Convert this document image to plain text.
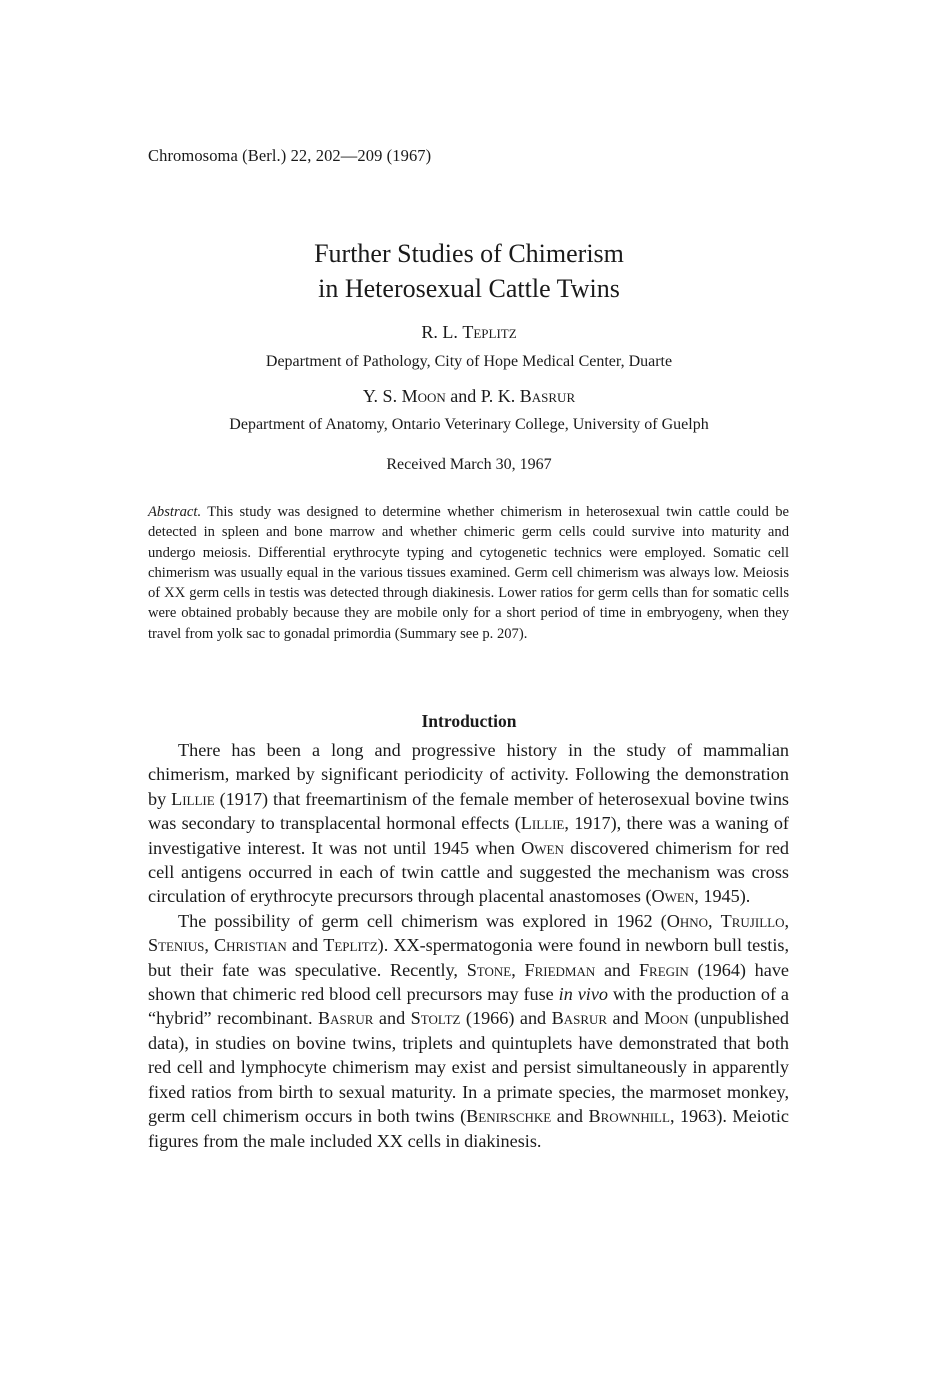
Chromosoma (Berl.) 22, 202—209 (1967)
Further Studies of Chimerism
in Heterosexual Cattle Twins
R. L. Teplitz
Department of Pathology, City of Hope Medical Center, Duarte
Y. S. Moon and P. K. Basrur
Department of Anatomy, Ontario Veterinary College, University of Guelph
Received March 30, 1967

Abstract. This study was designed to determine whether chimerism in heterosexual twin cattle could be detected in spleen and bone marrow and whether chimeric germ cells could survive into maturity and undergo meiosis. Differential erythrocyte typing and cytogenetic technics were employed. Somatic cell chimerism was usually equal in the various tissues examined. Germ cell chimerism was always low. Meiosis of XX germ cells in testis was detected through diakinesis. Lower ratios for germ cells than for somatic cells were obtained probably because they are mobile only for a short period of time in embryogeny, when they travel from yolk sac to gonadal primordia (Summary see p. 207).

Introduction

There has been a long and progressive history in the study of mammalian chimerism, marked by significant periodicity of activity. Following the demonstration by Lillie (1917) that freemartinism of the female member of heterosexual bovine twins was secondary to transplacental hormonal effects (Lillie, 1917), there was a waning of investigative interest. It was not until 1945 when Owen discovered chimerism for red cell antigens occurred in each of twin cattle and suggested the mechanism was cross circulation of erythrocyte precursors through placental anastomoses (Owen, 1945).

The possibility of germ cell chimerism was explored in 1962 (Ohno, Trujillo, Stenius, Christian and Teplitz). XX-spermatogonia were found in newborn bull testis, but their fate was speculative. Recently, Stone, Friedman and Fregin (1964) have shown that chimeric red blood cell precursors may fuse in vivo with the production of a “hybrid” recombinant. Basrur and Stoltz (1966) and Basrur and Moon (unpublished data), in studies on bovine twins, triplets and quintuplets have demonstrated that both red cell and lymphocyte chimerism may exist and persist simultaneously in apparently fixed ratios from birth to sexual maturity. In a primate species, the marmoset monkey, germ cell chimerism occurs in both twins (Benirschke and Brownhill, 1963). Meiotic figures from the male included XX cells in diakinesis.
